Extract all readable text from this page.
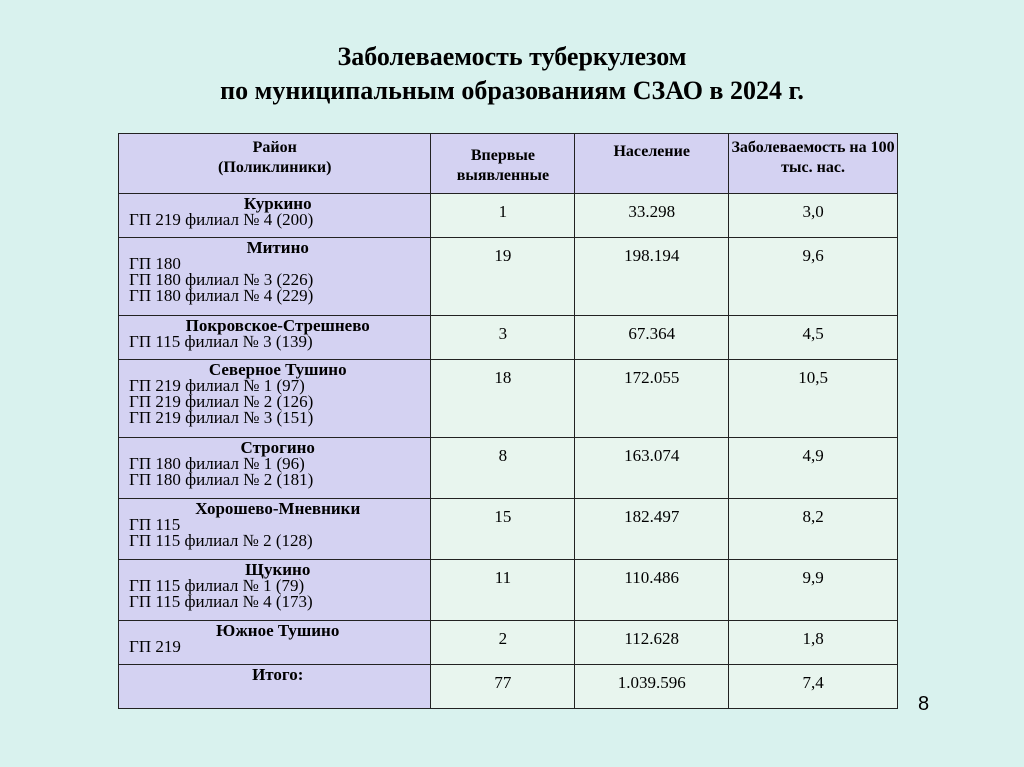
Заболеваемость туберкулезом
по муниципальным образованиям СЗАО в 2024 г.
Район
(Поликлиники)	Впервые выявленные	Население	Заболеваемость на 100 тыс. нас.

Куркино
ГП 219 филиал № 4 (200)	1	33.298	3,0

Митино
ГП 180
ГП 180 филиал № 3 (226)
ГП 180 филиал № 4 (229)	19	198.194	9,6

Покровское-Стрешнево
ГП 115 филиал № 3 (139)	3	67.364	4,5

Северное Тушино
ГП 219 филиал № 1 (97)
ГП 219 филиал № 2 (126)
ГП 219 филиал № 3 (151)	18	172.055	10,5

Строгино
ГП 180 филиал № 1 (96)
ГП 180 филиал № 2 (181)	8	163.074	4,9

Хорошево-Мневники
ГП 115
ГП 115 филиал № 2 (128)	15	182.497	8,2

Щукино
ГП 115 филиал № 1 (79)
ГП 115 филиал № 4 (173)	11	110.486	9,9

Южное Тушино
ГП 219	2	112.628	1,8

Итого:	77	1.039.596	7,4
8
